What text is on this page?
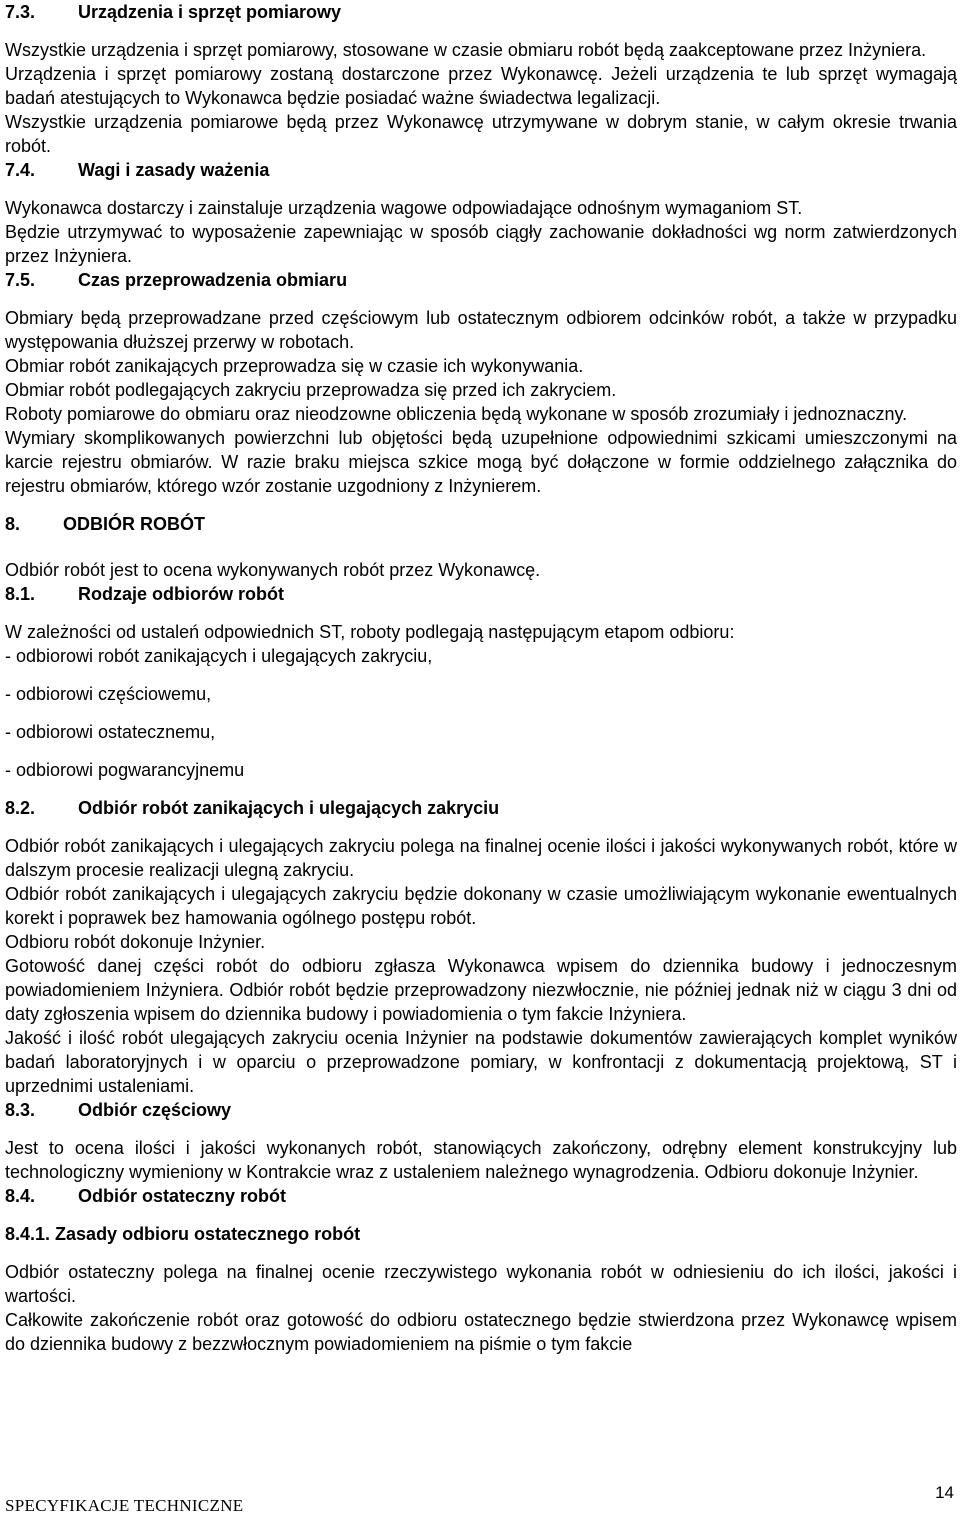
7.3. Urządzenia i sprzęt pomiarowy

Wszystkie urządzenia i sprzęt pomiarowy, stosowane w czasie obmiaru robót będą zaakceptowane przez Inżyniera.

Urządzenia i sprzęt pomiarowy zostaną dostarczone przez Wykonawcę. Jeżeli urządzenia te lub sprzęt wymagają badań atestujących to Wykonawca będzie posiadać ważne świadectwa legalizacji.

Wszystkie urządzenia pomiarowe będą przez Wykonawcę utrzymywane w dobrym stanie, w całym okresie trwania robót.

7.4. Wagi i zasady ważenia

Wykonawca dostarczy i zainstaluje urządzenia wagowe odpowiadające odnośnym wymaganiom ST.

Będzie utrzymywać to wyposażenie zapewniając w sposób ciągły zachowanie dokładności wg norm zatwierdzonych przez Inżyniera.

7.5. Czas przeprowadzenia obmiaru

Obmiary będą przeprowadzane przed częściowym lub ostatecznym odbiorem odcinków robót, a także w przypadku występowania dłuższej przerwy w robotach.

Obmiar robót zanikających przeprowadza się w czasie ich wykonywania.

Obmiar robót podlegających zakryciu przeprowadza się przed ich zakryciem.

Roboty pomiarowe do obmiaru oraz nieodzowne obliczenia będą wykonane w sposób zrozumiały i jednoznaczny.

Wymiary skomplikowanych powierzchni lub objętości będą uzupełnione odpowiednimi szkicami umieszczonymi na karcie rejestru obmiarów. W razie braku miejsca szkice mogą być dołączone w formie oddzielnego załącznika do rejestru obmiarów, którego wzór zostanie uzgodniony z Inżynierem.

8. ODBIÓR ROBÓT

Odbiór robót jest to ocena wykonywanych robót przez Wykonawcę.

8.1. Rodzaje odbiorów robót

W zależności od ustaleń odpowiednich ST, roboty podlegają następującym etapom odbioru:

- odbiorowi robót zanikających i ulegających zakryciu,

- odbiorowi częściowemu,

- odbiorowi ostatecznemu,

- odbiorowi pogwarancyjnemu

8.2. Odbiór robót zanikających i ulegających zakryciu

Odbiór robót zanikających i ulegających zakryciu polega na finalnej ocenie ilości i jakości wykonywanych robót, które w dalszym procesie realizacji ulegną zakryciu.

Odbiór robót zanikających i ulegających zakryciu będzie dokonany w czasie umożliwiającym wykonanie ewentualnych korekt i poprawek bez hamowania ogólnego postępu robót.

Odbioru robót dokonuje Inżynier.

Gotowość danej części robót do odbioru zgłasza Wykonawca wpisem do dziennika budowy i jednoczesnym powiadomieniem Inżyniera. Odbiór robót będzie przeprowadzony niezwłocznie, nie później jednak niż w ciągu 3 dni od daty zgłoszenia wpisem do dziennika budowy i powiadomienia o tym fakcie Inżyniera.

Jakość i ilość robót ulegających zakryciu ocenia Inżynier na podstawie dokumentów zawierających komplet wyników badań laboratoryjnych i w oparciu o przeprowadzone pomiary, w konfrontacji z dokumentacją projektową, ST i uprzednimi ustaleniami.

8.3. Odbiór częściowy

Jest to ocena ilości i jakości wykonanych robót, stanowiących zakończony, odrębny element konstrukcyjny lub technologiczny wymieniony w Kontrakcie wraz z ustaleniem należnego wynagrodzenia. Odbioru dokonuje Inżynier.

8.4. Odbiór ostateczny robót

8.4.1. Zasady odbioru ostatecznego robót

Odbiór ostateczny polega na finalnej ocenie rzeczywistego wykonania robót w odniesieniu do ich ilości, jakości i wartości.

Całkowite zakończenie robót oraz gotowość do odbioru ostatecznego będzie stwierdzona przez Wykonawcę wpisem do dziennika budowy z bezzwłocznym powiadomieniem na piśmie o tym fakcie

SPECYFIKACJE TECHNICZNE
14
